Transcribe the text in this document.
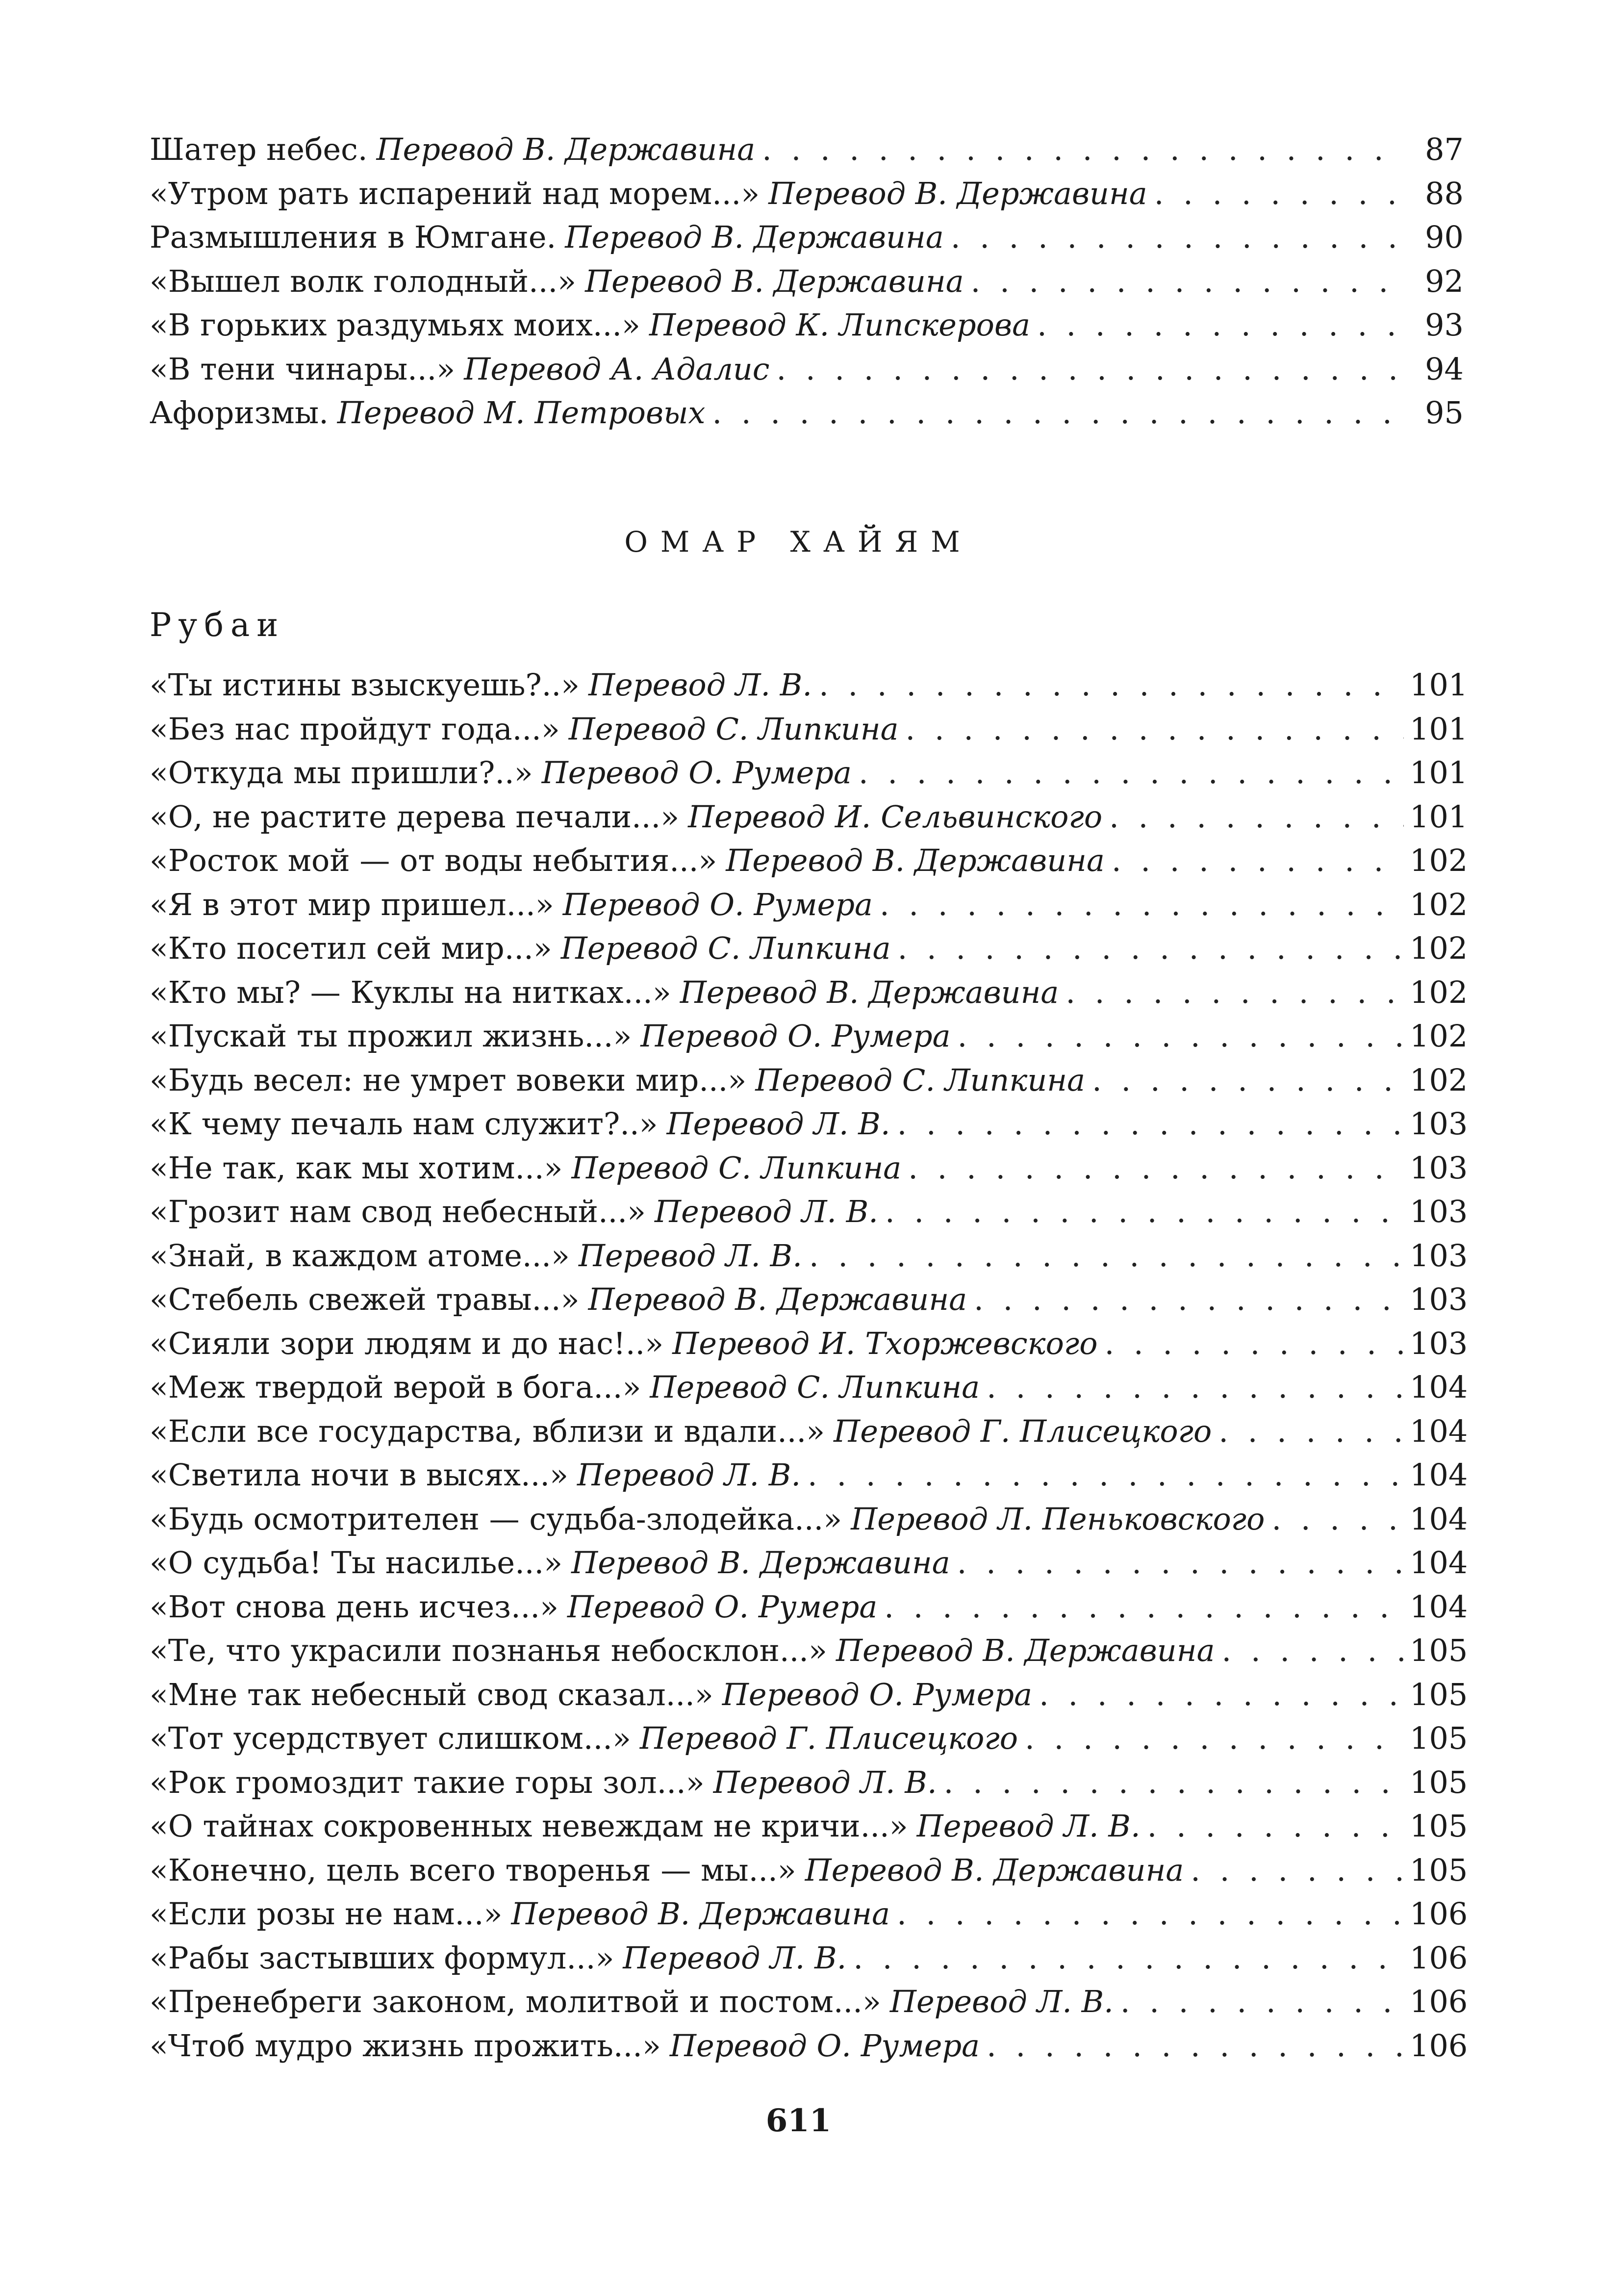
Шатер небес. Перевод В. Державина . . .	87
«Утром рать испарений над морем...» Перевод В. Державина . . .	88
Размышления в Юмгане. Перевод В. Державина . . .	90
«Вышел волк голодный...» Перевод В. Державина . . .	92
«В горьких раздумьях моих...» Перевод К. Липскерова . . .	93
«В тени чинары...» Перевод А. Адалис . . .	94
Афоризмы. Перевод М. Петровых . . .	95
ОМАР ХАЙЯМ
Рубаи
«Ты истины взыскуешь?..» Перевод Л. В. . . .	101
«Без нас пройдут года...» Перевод С. Липкина . . .	101
«Откуда мы пришли?..» Перевод О. Румера . . .	101
«О, не растите дерева печали...» Перевод И. Сельвинского . . .	101
«Росток мой — от воды небытия...» Перевод В. Державина . . .	102
«Я в этот мир пришел...» Перевод О. Румера . . .	102
«Кто посетил сей мир...» Перевод С. Липкина . . .	102
«Кто мы? — Куклы на нитках...» Перевод В. Державина . . .	102
«Пускай ты прожил жизнь...» Перевод О. Румера . . .	102
«Будь весел: не умрет вовеки мир...» Перевод С. Липкина . . .	102
«К чему печаль нам служит?..» Перевод Л. В. . . .	103
«Не так, как мы хотим...» Перевод С. Липкина . . .	103
«Грозит нам свод небесный...» Перевод Л. В. . . .	103
«Знай, в каждом атоме...» Перевод Л. В. . . .	103
«Стебель свежей травы...» Перевод В. Державина . . .	103
«Сияли зори людям и до нас!..» Перевод И. Тхоржевского . . .	103
«Меж твердой верой в бога...» Перевод С. Липкина . . .	104
«Если все государства, вблизи и вдали...» Перевод Г. Плисецкого . . .	104
«Светила ночи в высях...» Перевод Л. В. . . .	104
«Будь осмотрителен — судьба-злодейка...» Перевод Л. Пеньковского . . .	104
«О судьба! Ты насилье...» Перевод В. Державина . . .	104
«Вот снова день исчез...» Перевод О. Румера . . .	104
«Те, что украсили познанья небосклон...» Перевод В. Державина . . .	105
«Мне так небесный свод сказал...» Перевод О. Румера . . .	105
«Тот усердствует слишком...» Перевод Г. Плисецкого . . .	105
«Рок громоздит такие горы зол...» Перевод Л. В. . . .	105
«О тайнах сокровенных невеждам не кричи...» Перевод Л. В. . . .	105
«Конечно, цель всего творенья — мы...» Перевод В. Державина . . .	105
«Если розы не нам...» Перевод В. Державина . . .	106
«Рабы застывших формул...» Перевод Л. В. . . .	106
«Пренебреги законом, молитвой и постом...» Перевод Л. В. . . .	106
«Чтоб мудро жизнь прожить...» Перевод О. Румера . . .	106
611
